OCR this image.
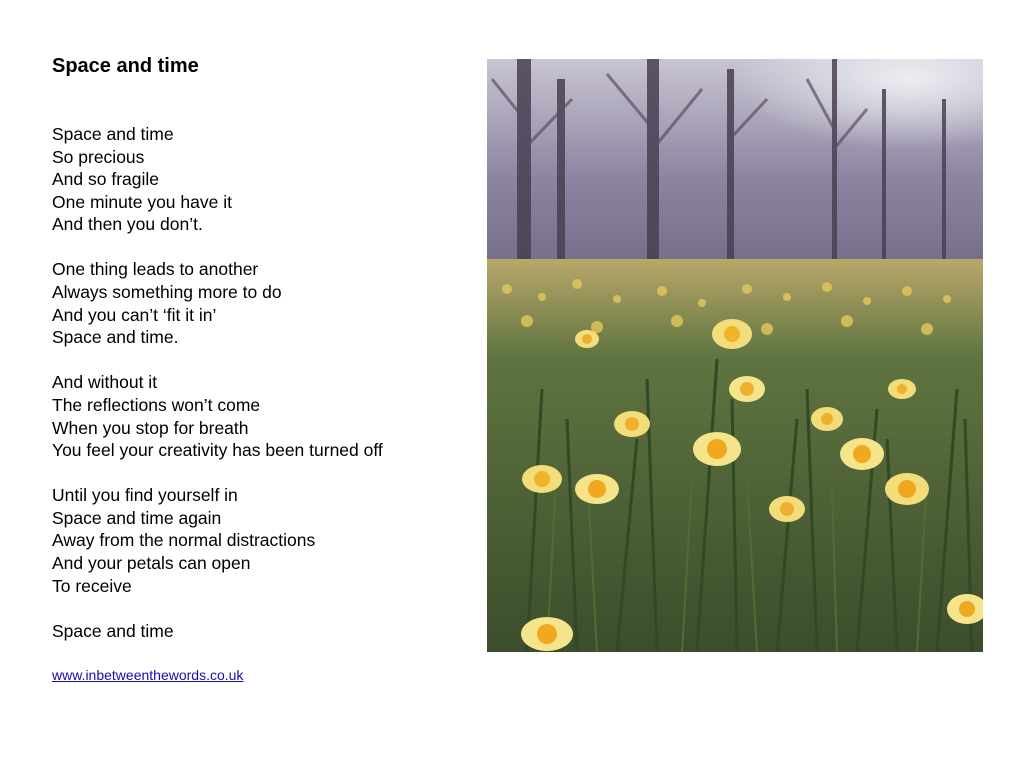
Space and time
Space and time
So precious
And so fragile
One minute you have it
And then you don’t.
One thing leads to another
Always something more to do
And you can’t ‘fit it in’
Space and time.
And without it
The reflections won’t come
When you stop for breath
You feel your creativity has been turned off
Until you find yourself in
Space and time again
Away from the normal distractions
And your petals can open
To receive
Space and time
www.inbetweenthewords.co.uk
